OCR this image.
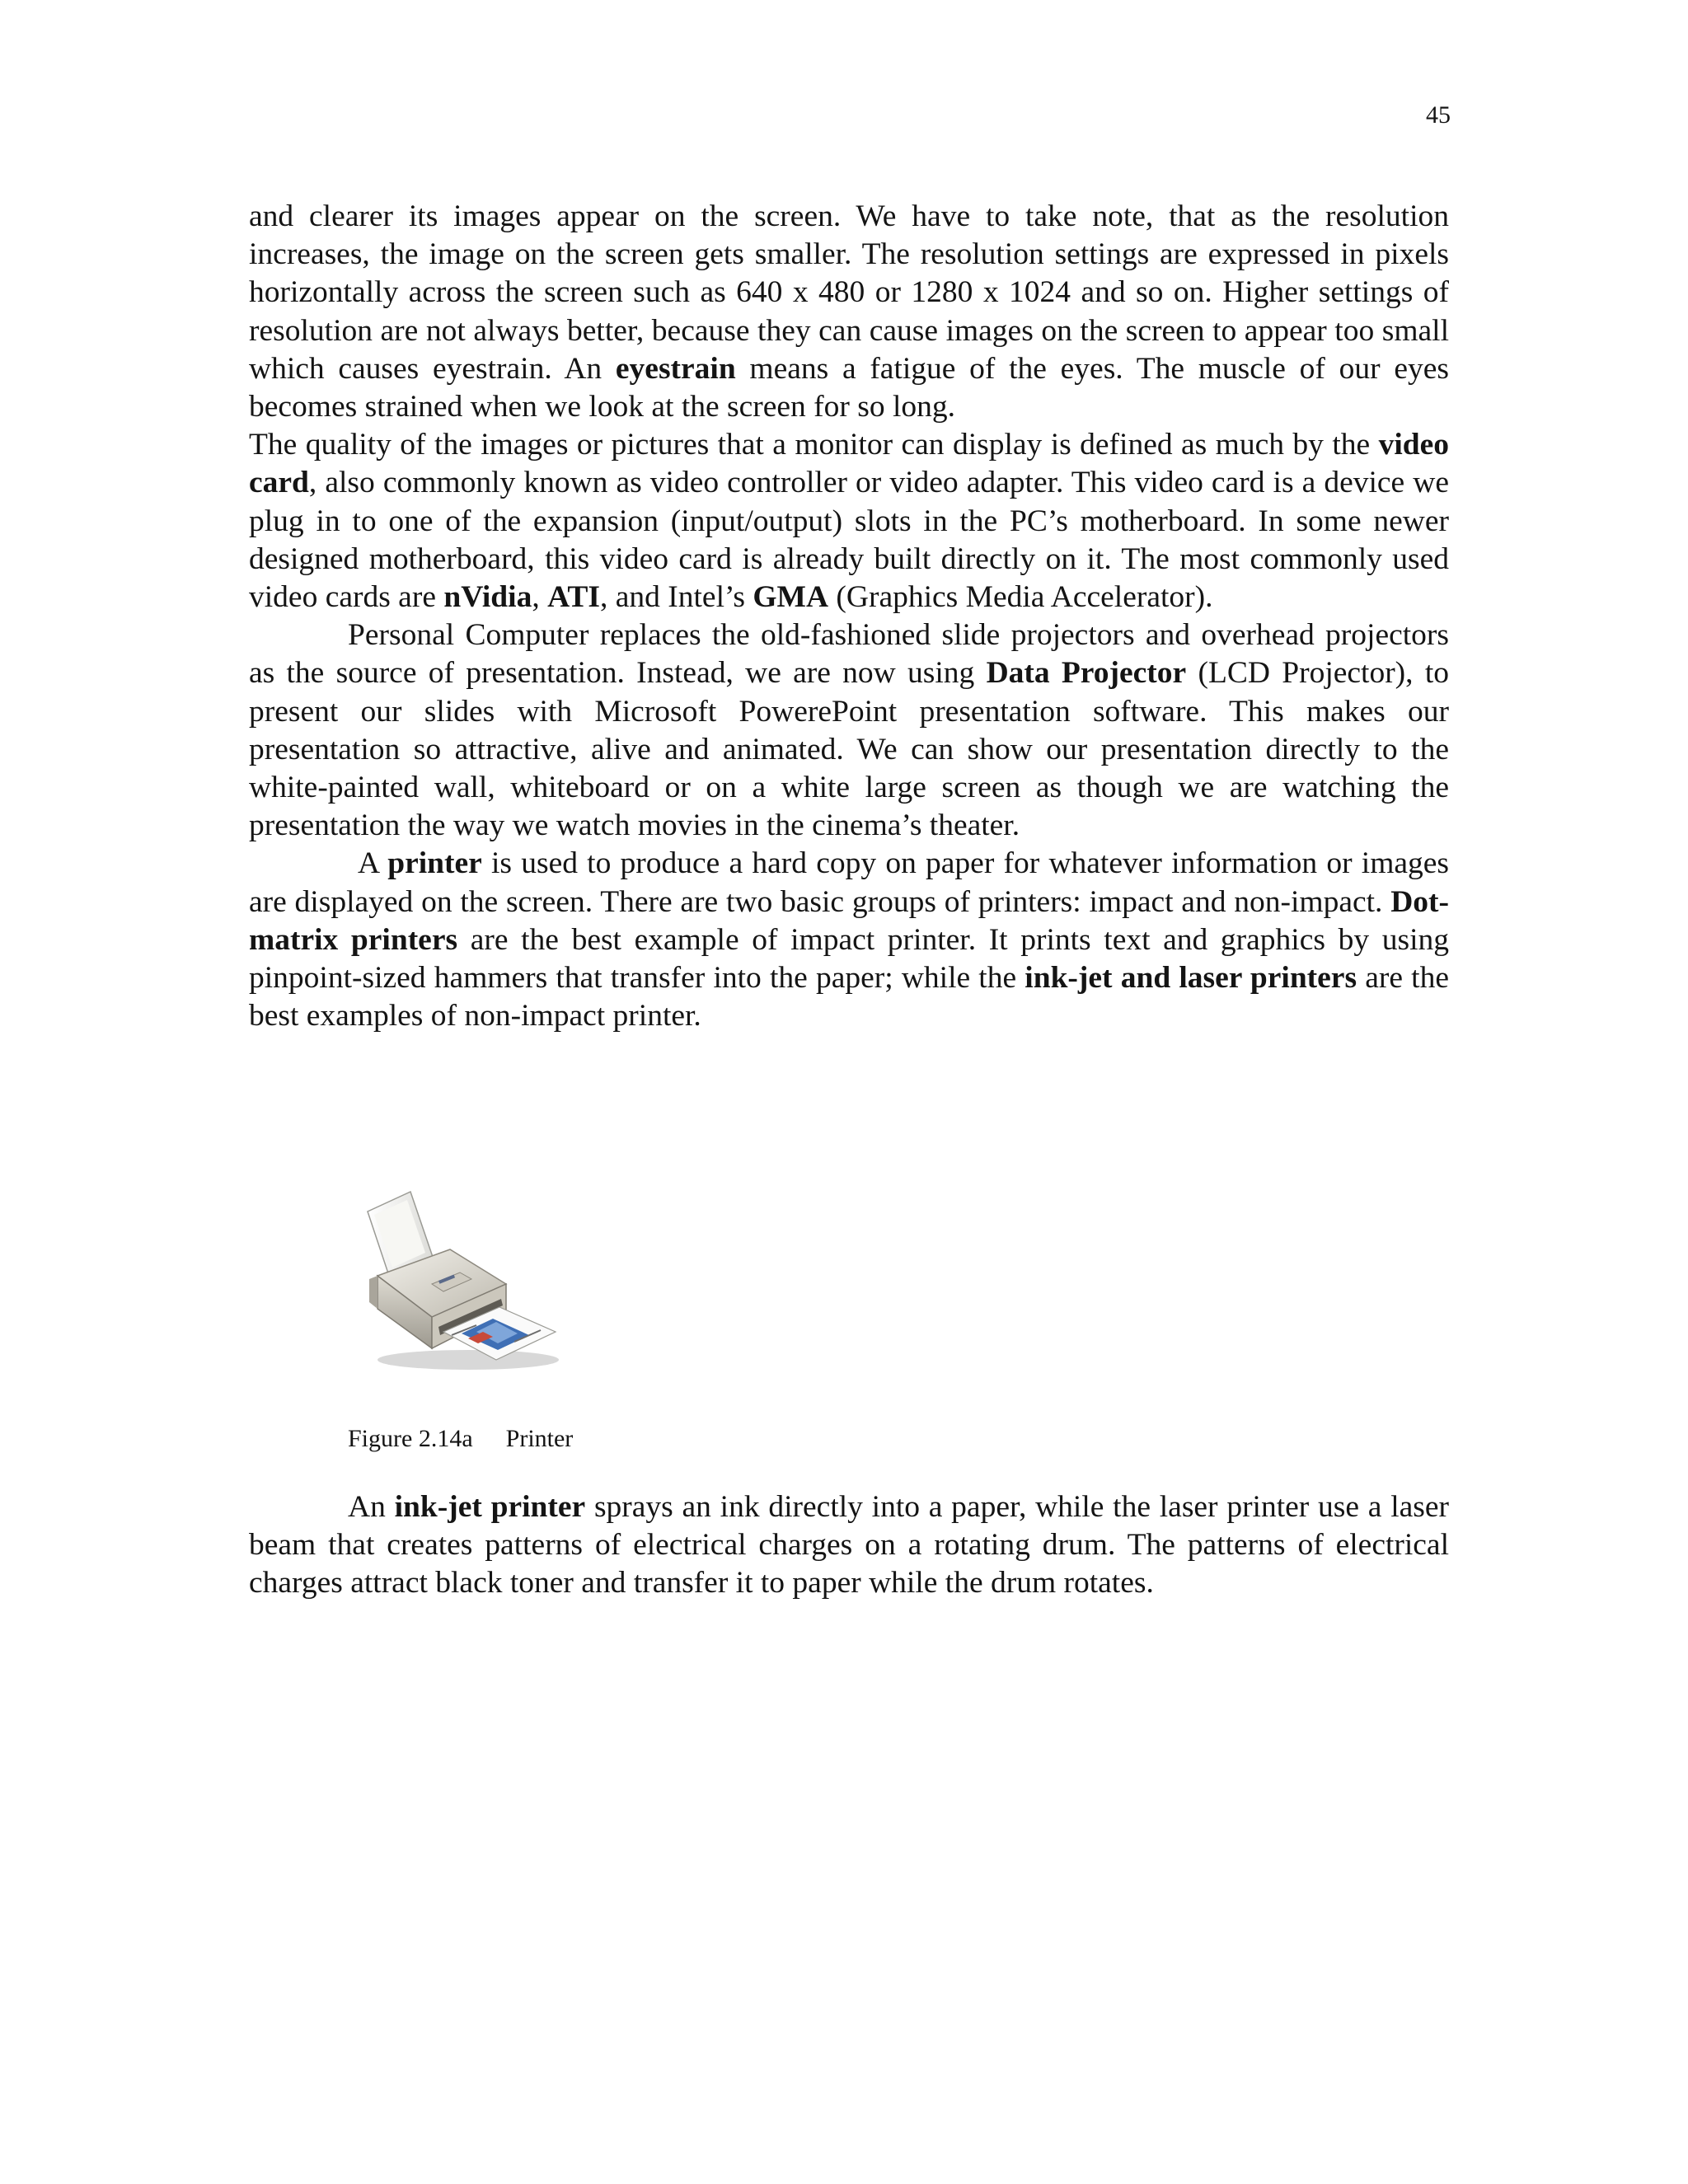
45

and clearer its images appear on the screen. We have to take note, that as the resolution increases, the image on the screen gets smaller. The resolution settings are expressed in pixels horizontally across the screen such as 640 x 480 or 1280 x 1024 and so on. Higher settings of resolution are not always better, because they can cause images on the screen to appear too small which causes eyestrain. An eyestrain means a fatigue of the eyes. The muscle of our eyes becomes strained when we look at the screen for so long.

The quality of the images or pictures that a monitor can display is defined as much by the video card, also commonly known as video controller or video adapter. This video card is a device we plug in to one of the expansion (input/output) slots in the PC’s motherboard. In some newer designed motherboard, this video card is already built directly on it. The most commonly used video cards are nVidia, ATI, and Intel’s GMA (Graphics Media Accelerator).

Personal Computer replaces the old-fashioned slide projectors and overhead projectors as the source of presentation. Instead, we are now using Data Projector (LCD Projector), to present our slides with Microsoft PowerePoint presentation software. This makes our presentation so attractive, alive and animated. We can show our presentation directly to the white-painted wall, whiteboard or on a white large screen as though we are watching the presentation the way we watch movies in the cinema’s theater.

A printer is used to produce a hard copy on paper for whatever information or images are displayed on the screen. There are two basic groups of printers: impact and non-impact. Dot-matrix printers are the best example of impact printer. It prints text and graphics by using pinpoint-sized hammers that transfer into the paper; while the ink-jet and laser printers are the best examples of non-impact printer.

Figure 2.14a Printer

An ink-jet printer sprays an ink directly into a paper, while the laser printer use a laser beam that creates patterns of electrical charges on a rotating drum. The patterns of electrical charges attract black toner and transfer it to paper while the drum rotates.
